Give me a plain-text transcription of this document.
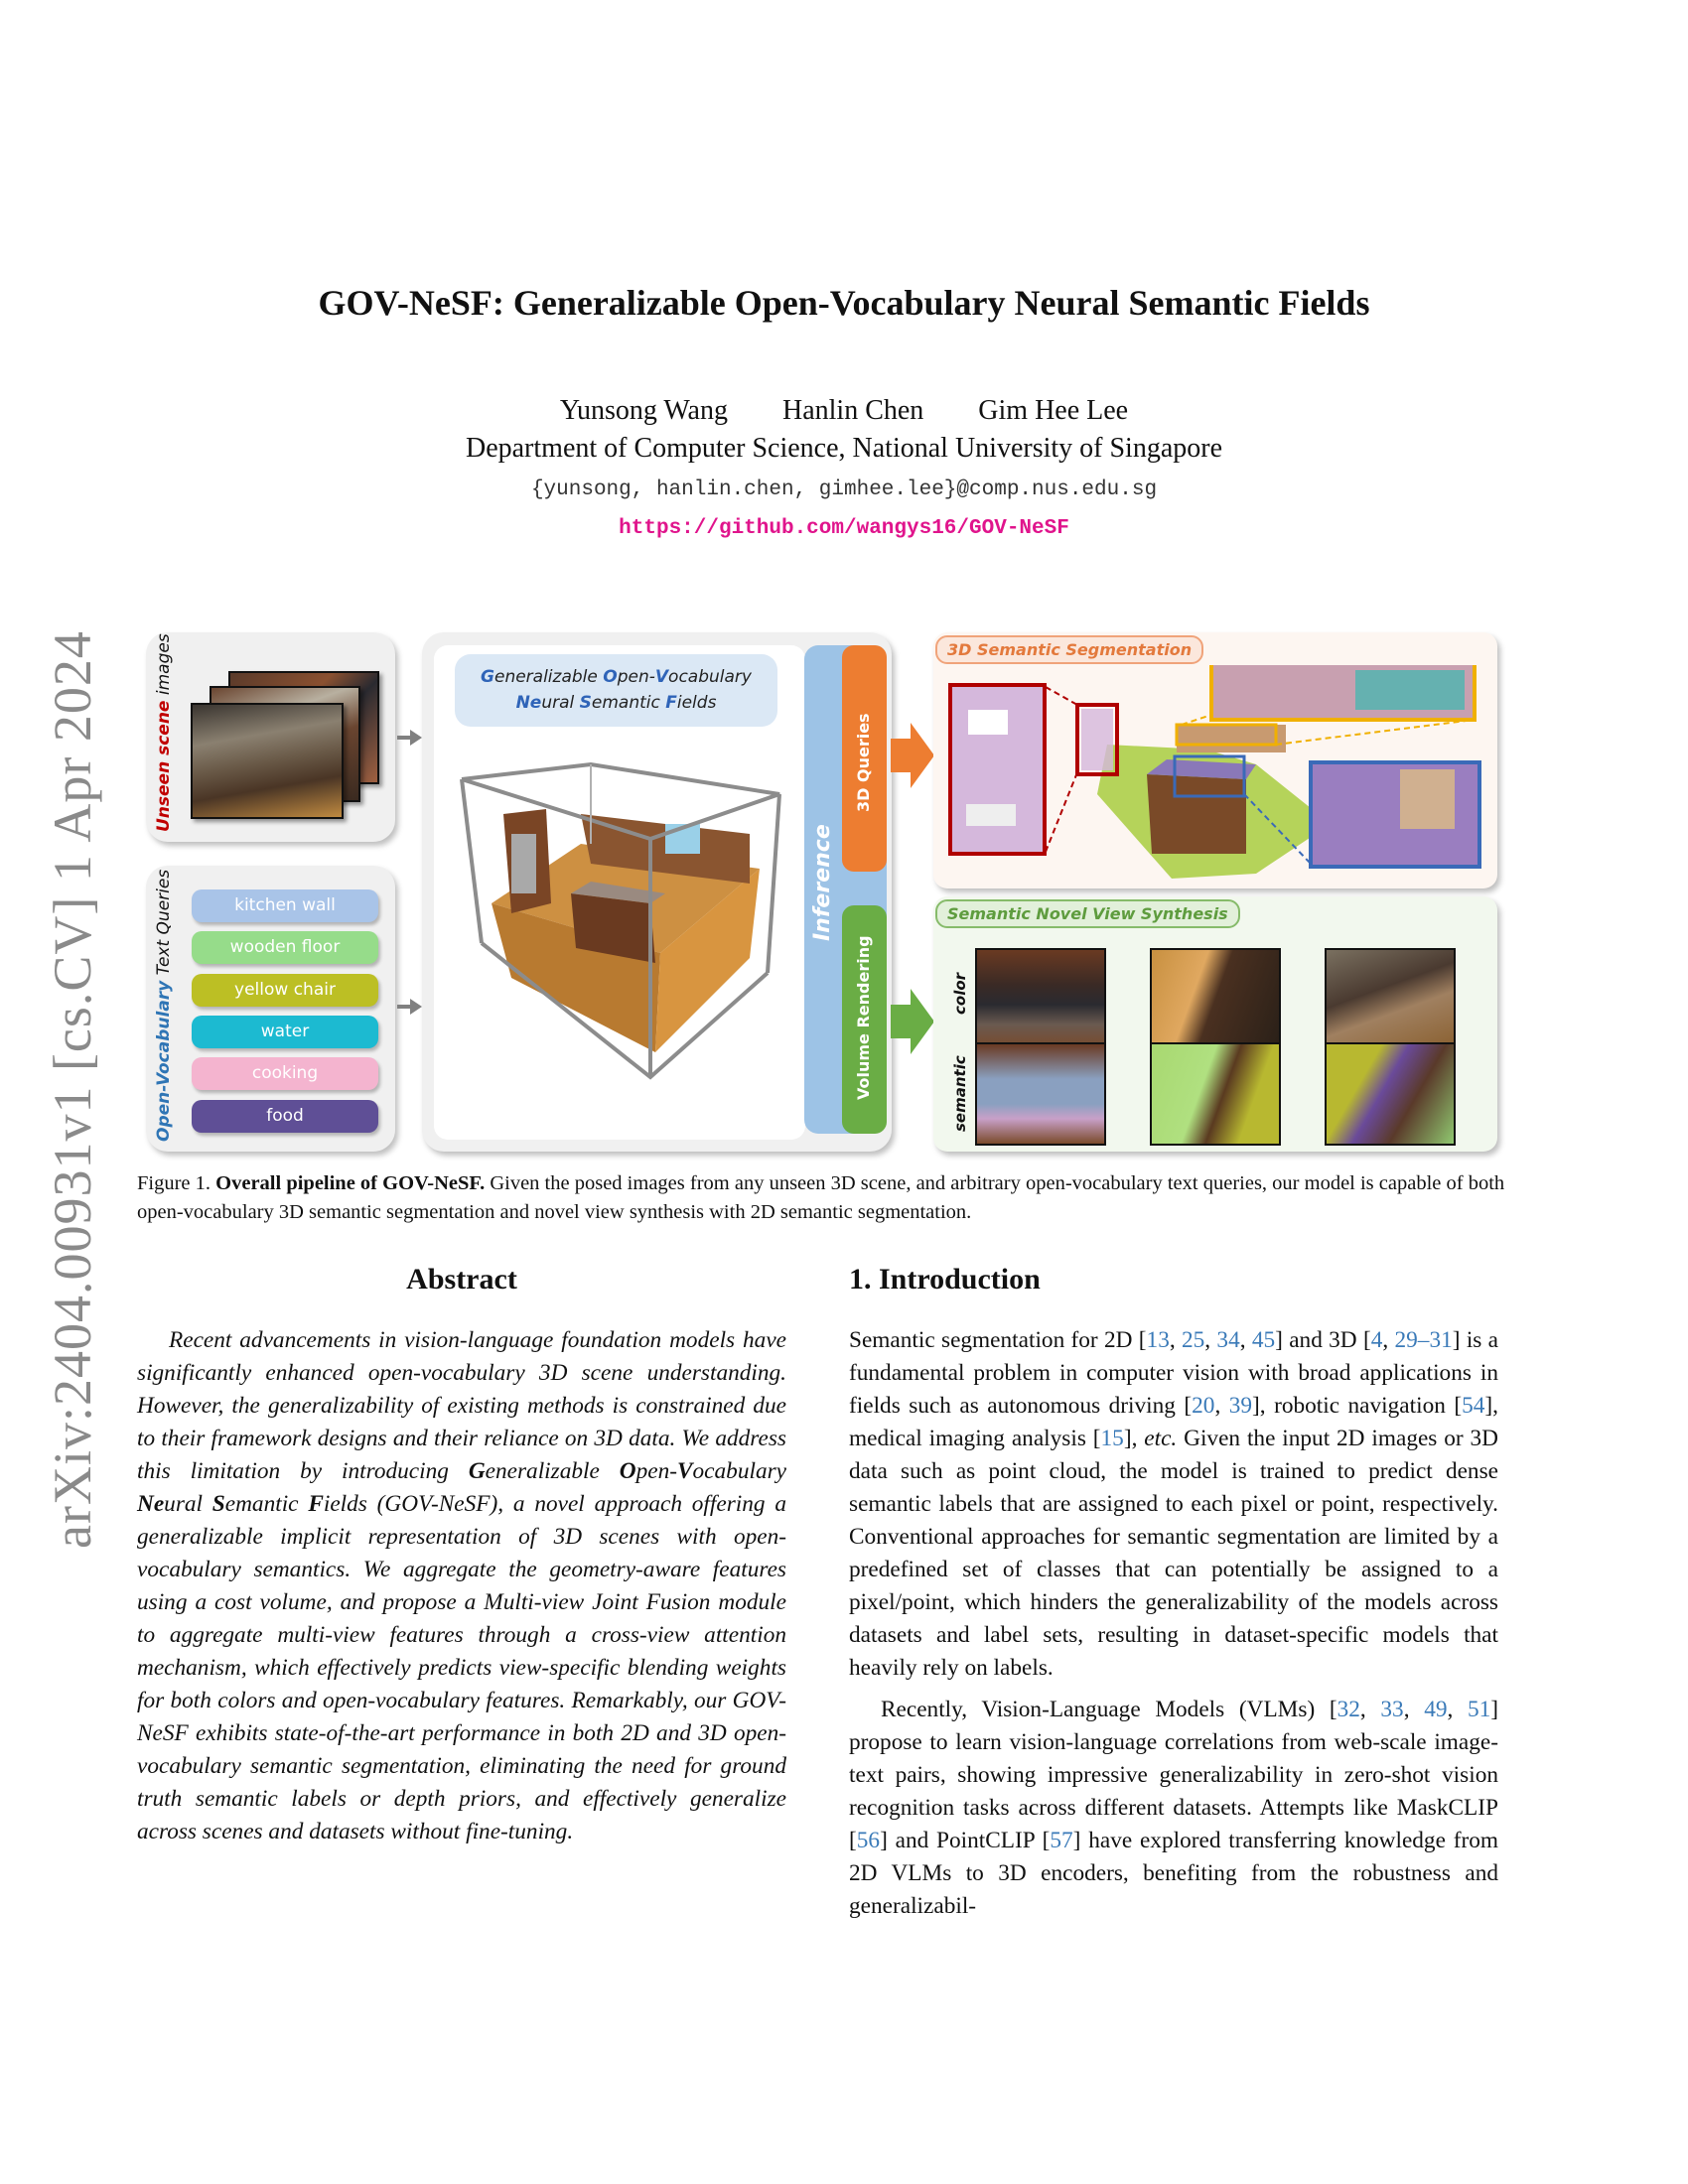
arXiv:2404.00931v1 [cs.CV] 1 Apr 2024
GOV-NeSF: Generalizable Open-Vocabulary Neural Semantic Fields
Yunsong Wang Hanlin Chen Gim Hee Lee
Department of Computer Science, National University of Singapore
{yunsong, hanlin.chen, gimhee.lee}@comp.nus.edu.sg
https://github.com/wangys16/GOV-NeSF
Unseen scene images
Open-Vocabulary Text Queries	kitchen wall
wooden floor
yellow chair
water
cooking
food
Generalizable Open-Vocabulary
Neural Semantic Fields
Inference
3D Queries
Volume Rendering
3D Semantic Segmentation
Semantic Novel View Synthesis
color
semantic
Figure 1. Overall pipeline of GOV-NeSF. Given the posed images from any unseen 3D scene, and arbitrary open-vocabulary text queries, our model is capable of both open-vocabulary 3D semantic segmentation and novel view synthesis with 2D semantic segmentation.
Abstract

Recent advancements in vision-language foundation models have significantly enhanced open-vocabulary 3D scene understanding. However, the generalizability of existing methods is constrained due to their framework designs and their reliance on 3D data. We address this limitation by introducing Generalizable Open-Vocabulary Neural Semantic Fields (GOV-NeSF), a novel approach offering a generalizable implicit representation of 3D scenes with open-vocabulary semantics. We aggregate the geometry-aware features using a cost volume, and propose a Multi-view Joint Fusion module to aggregate multi-view features through a cross-view attention mechanism, which effectively predicts view-specific blending weights for both colors and open-vocabulary features. Remarkably, our GOV-NeSF exhibits state-of-the-art performance in both 2D and 3D open-vocabulary semantic segmentation, eliminating the need for ground truth semantic labels or depth priors, and effectively generalize across scenes and datasets without fine-tuning.

1. Introduction

Semantic segmentation for 2D [13, 25, 34, 45] and 3D [4, 29–31] is a fundamental problem in computer vision with broad applications in fields such as autonomous driving [20, 39], robotic navigation [54], medical imaging analysis [15], etc. Given the input 2D images or 3D data such as point cloud, the model is trained to predict dense semantic labels that are assigned to each pixel or point, respectively. Conventional approaches for semantic segmentation are limited by a predefined set of classes that can potentially be assigned to a pixel/point, which hinders the generalizability of the models across datasets and label sets, resulting in dataset-specific models that heavily rely on labels.

Recently, Vision-Language Models (VLMs) [32, 33, 49, 51] propose to learn vision-language correlations from web-scale image-text pairs, showing impressive generalizability in zero-shot vision recognition tasks across different datasets. Attempts like MaskCLIP [56] and PointCLIP [57] have explored transferring knowledge from 2D VLMs to 3D encoders, benefiting from the robustness and generalizabil-
